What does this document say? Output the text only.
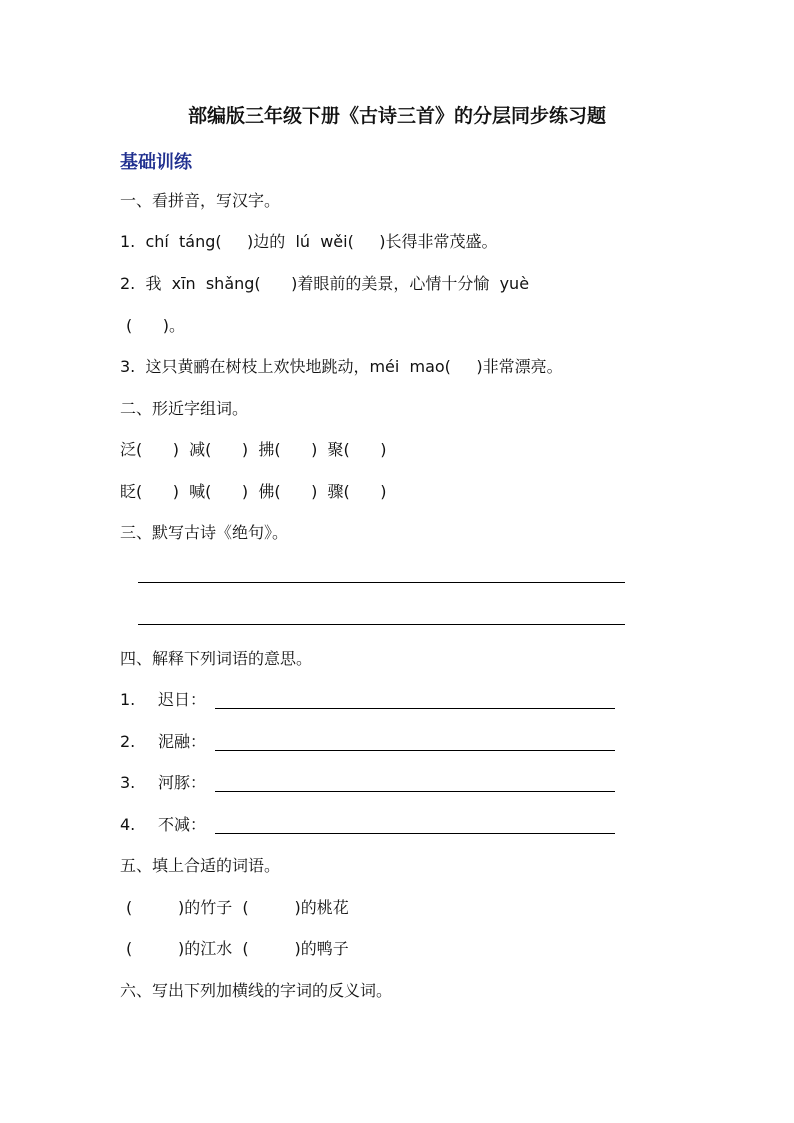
部编版三年级下册《古诗三首》的分层同步练习题
基础训练
一、看拼音，写汉字。
1.  chí  táng(     )边的  lú  wěi(     )长得非常茂盛。
2.  我  xīn  shǎng(      )着眼前的美景，心情十分愉  yuè
(      )。
3.  这只黄鹂在树枝上欢快地跳动，méi  mao(     )非常漂亮。
二、形近字组词。
泛(      )  减(      )  拂(      )  聚(      )
眨(      )  喊(      )  佛(      )  骤(      )
三、默写古诗《绝句》。
四、解释下列词语的意思。
1. 迟日：
2. 泥融：
3. 河豚：
4. 不减：
五、填上合适的词语。
(         )的竹子  (         )的桃花
(         )的江水  (         )的鸭子
六、写出下列加横线的字词的反义词。
